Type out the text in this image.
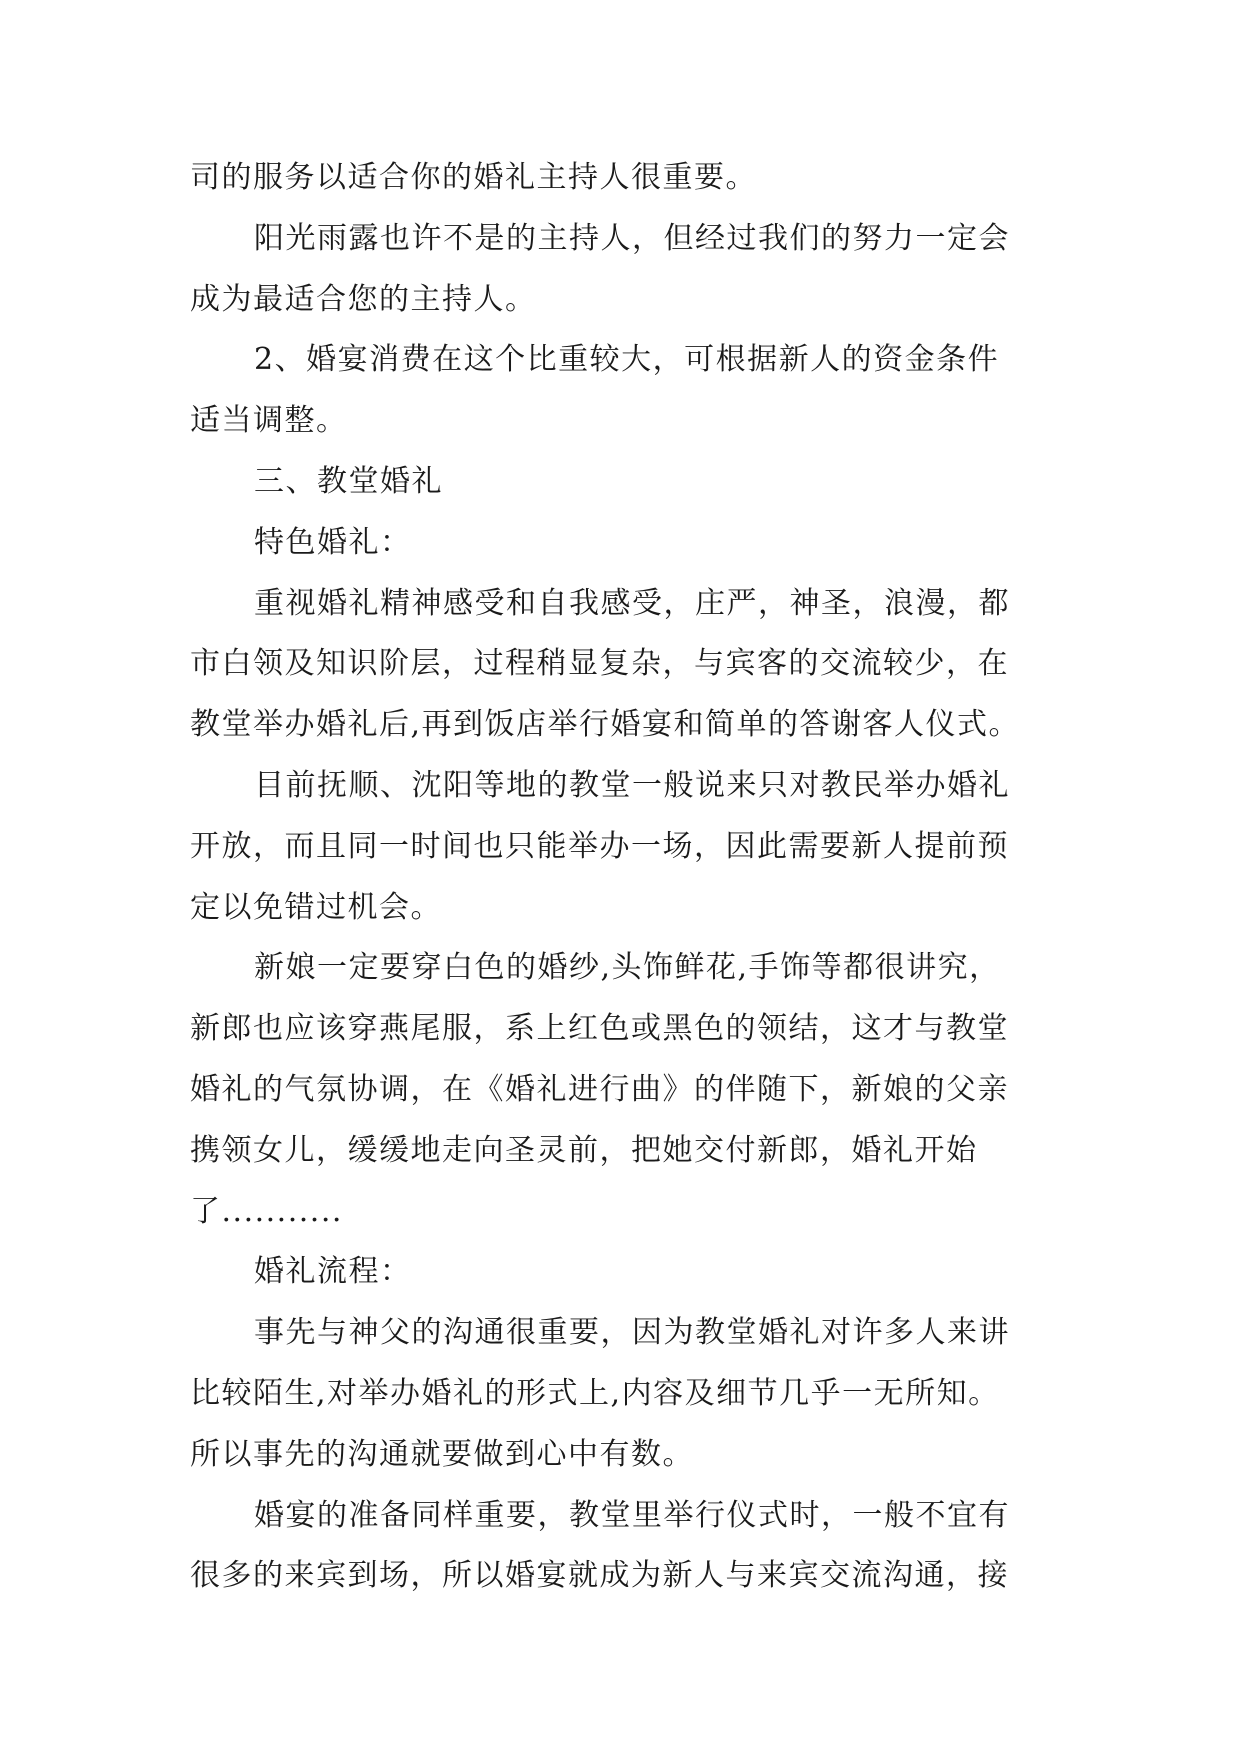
司的服务以适合你的婚礼主持人很重要。
阳光雨露也许不是的主持人，但经过我们的努力一定会
成为最适合您的主持人。
2、婚宴消费在这个比重较大，可根据新人的资金条件
适当调整。
三、教堂婚礼
特色婚礼：
重视婚礼精神感受和自我感受，庄严，神圣，浪漫，都
市白领及知识阶层，过程稍显复杂，与宾客的交流较少，在
教堂举办婚礼后,再到饭店举行婚宴和简单的答谢客人仪式。
目前抚顺、沈阳等地的教堂一般说来只对教民举办婚礼
开放，而且同一时间也只能举办一场，因此需要新人提前预
定以免错过机会。
新娘一定要穿白色的婚纱,头饰鲜花,手饰等都很讲究，
新郎也应该穿燕尾服，系上红色或黑色的领结，这才与教堂
婚礼的气氛协调，在《婚礼进行曲》的伴随下，新娘的父亲
携领女儿，缓缓地走向圣灵前，把她交付新郎，婚礼开始
了...........
婚礼流程：
事先与神父的沟通很重要，因为教堂婚礼对许多人来讲
比较陌生,对举办婚礼的形式上,内容及细节几乎一无所知。
所以事先的沟通就要做到心中有数。
婚宴的准备同样重要，教堂里举行仪式时，一般不宜有
很多的来宾到场，所以婚宴就成为新人与来宾交流沟通，接
